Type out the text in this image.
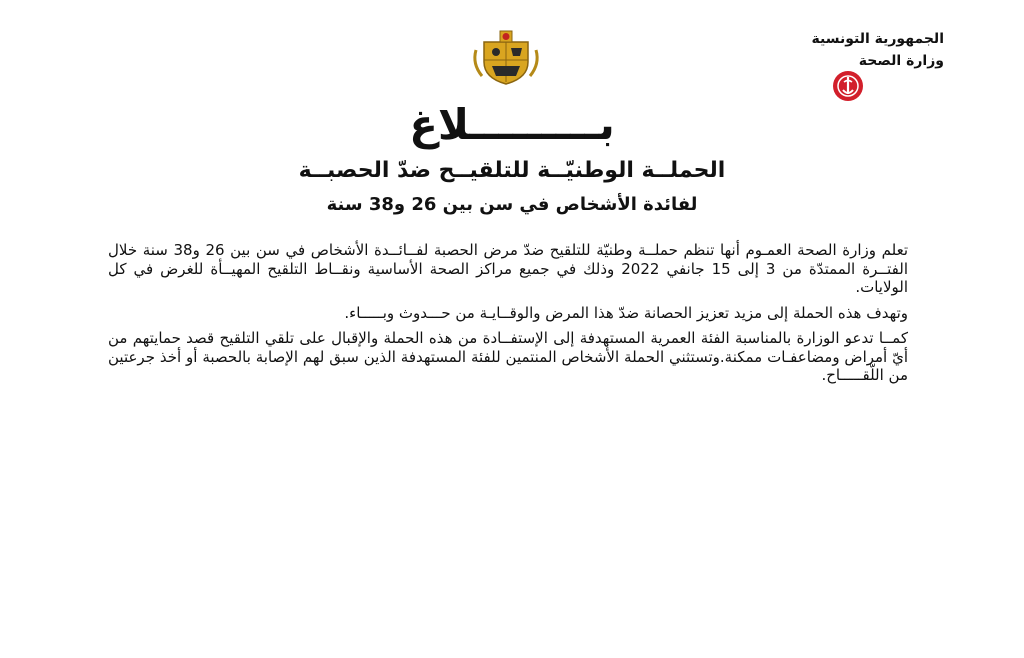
الجمهورية التونسية
وزارة الصحة
بـــــــــلاغ
الحملــة الوطنيّــة للتلقيــح ضدّ الحصبــة
لفائدة الأشخاص في سن بين 26 و38 سنة

تعلم وزارة الصحة العمـوم أنها تنظم حملــة وطنيّة للتلقيح ضدّ مرض الحصبة لفــائــدة الأشخاص في سن بين 26 و38 سنة خلال الفتــرة الممتدّة من 3 إلى 15 جانفي 2022 وذلك في جميع مراكز الصحة الأساسية ونقــاط التلقيح المهيــأة للغرض في كل الولايات.

وتهدف هذه الحملة إلى مزيد تعزيز الحصانة ضدّ هذا المرض والوقــايـة من حـــدوث وبـــــاء.

كمــا تدعو الوزارة بالمناسبة الفئة العمرية المستهدفة إلى الإستفــادة من هذه الحملة والإقبال على تلقي التلقيح قصد حمايتهم من أيّ أمراض ومضاعفـات ممكنة.وتستثني الحملة الأشخاص المنتمين للفئة المستهدفة الذين سبق لهم الإصابة بالحصبة أو أخذ جرعتين من اللّقـــــاح.
